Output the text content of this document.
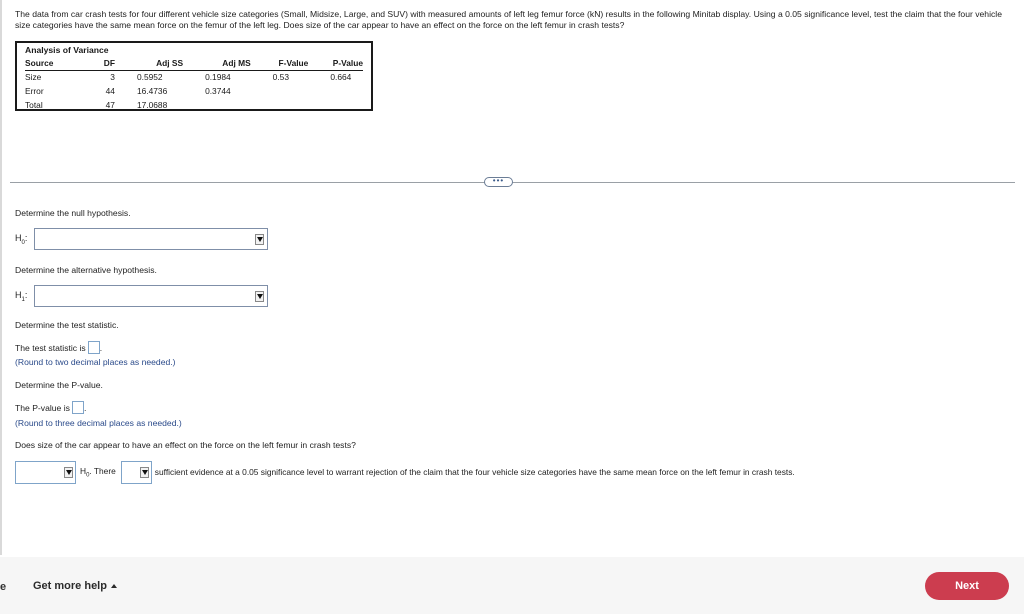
The data from car crash tests for four different vehicle size categories (Small, Midsize, Large, and SUV) with measured amounts of left leg femur force (kN) results in the following Minitab display. Using a 0.05 significance level, test the claim that the four vehicle size categories have the same mean force on the femur of the left leg. Does size of the car appear to have an effect on the force on the left femur in crash tests?
Analysis of Variance
Source	DF	Adj SS	Adj MS	F-Value	P-Value
Size	3	0.5952	0.1984	0.53	0.664
Error	44	16.4736	0.3744		
Total	47	17.0688			
•••
Determine the null hypothesis.
$H_0$:
Determine the alternative hypothesis.
$H_1$:
Determine the test statistic.
The test statistic is .
(Round to two decimal places as needed.)
Determine the P-value.
The P-value is .
(Round to three decimal places as needed.)
Does size of the car appear to have an effect on the force on the left femur in crash tests?
$H_0$. There	sufficient evidence at a 0.05 significance level to warrant rejection of the claim that the four vehicle size categories have the same mean force on the left femur in crash tests.
e Get more help	Next
